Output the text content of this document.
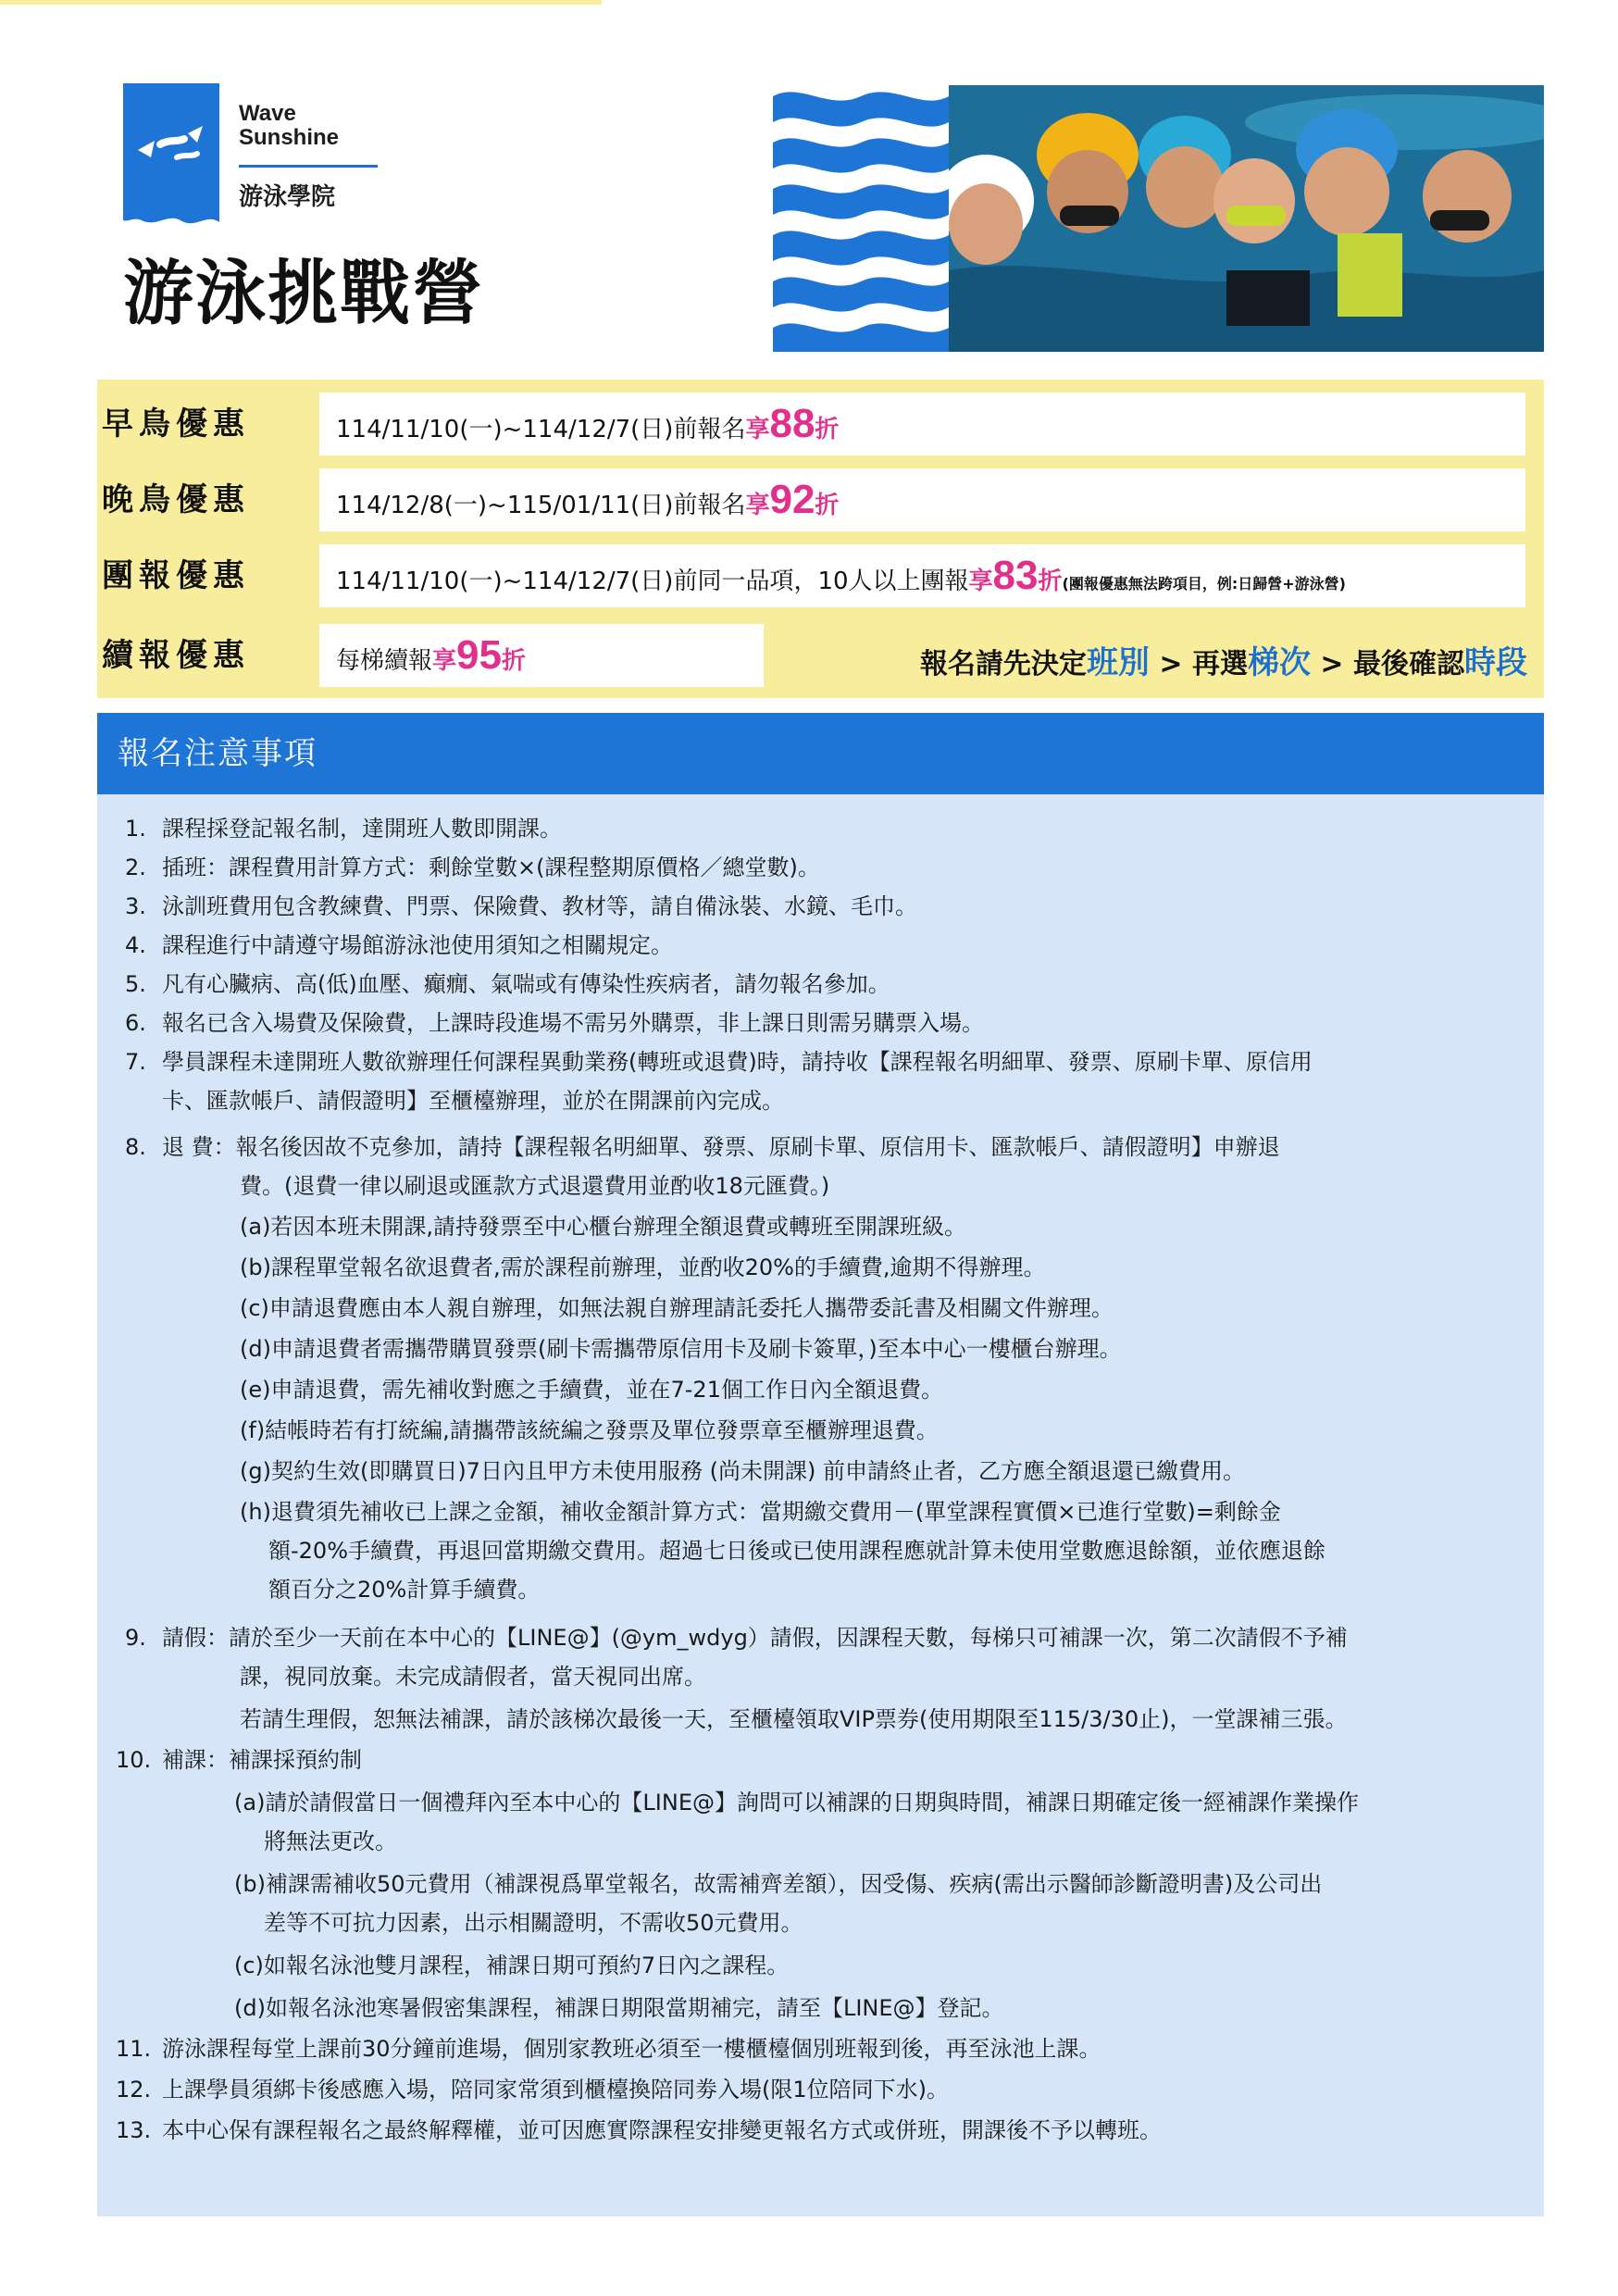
Wave
Sunshine
游泳學院
游泳挑戰營
早鳥優惠	114/11/10(一)~114/12/7(日)前報名享88折
晚鳥優惠	114/12/8(一)~115/01/11(日)前報名享92折
團報優惠	114/11/10(一)~114/12/7(日)前同一品項，10人以上團報享83折(團報優惠無法跨項目，例:日歸營+游泳營)
續報優惠	每梯續報享95折	報名請先決定班別 > 再選梯次 > 最後確認時段
報名注意事項
1. 課程採登記報名制，達開班人數即開課。
2. 插班：課程費用計算方式：剩餘堂數×(課程整期原價格／總堂數)。
3. 泳訓班費用包含教練費、門票、保險費、教材等，請自備泳裝、水鏡、毛巾。
4. 課程進行中請遵守場館游泳池使用須知之相關規定。
5. 凡有心臟病、高(低)血壓、癲癇、氣喘或有傳染性疾病者，請勿報名參加。
6. 報名已含入場費及保險費，上課時段進場不需另外購票，非上課日則需另購票入場。
7. 學員課程未達開班人數欲辦理任何課程異動業務(轉班或退費)時，請持收【課程報名明細單、發票、原刷卡單、原信用
卡、匯款帳戶、請假證明】至櫃檯辦理，並於在開課前內完成。
8. 退 費：報名後因故不克參加，請持【課程報名明細單、發票、原刷卡單、原信用卡、匯款帳戶、請假證明】申辦退
費。(退費一律以刷退或匯款方式退還費用並酌收18元匯費。)
(a)若因本班未開課,請持發票至中心櫃台辦理全額退費或轉班至開課班級。
(b)課程單堂報名欲退費者,需於課程前辦理，並酌收20%的手續費,逾期不得辦理。
(c)申請退費應由本人親自辦理，如無法親自辦理請託委托人攜帶委託書及相關文件辦理。
(d)申請退費者需攜帶購買發票(刷卡需攜帶原信用卡及刷卡簽單，)至本中心一樓櫃台辦理。
(e)申請退費，需先補收對應之手續費，並在7-21個工作日內全額退費。
(f)結帳時若有打統編,請攜帶該統編之發票及單位發票章至櫃辦理退費。
(g)契約生效(即購買日)7日內且甲方未使用服務 (尚未開課) 前申請終止者，乙方應全額退還已繳費用。
(h)退費須先補收已上課之金額，補收金額計算方式：當期繳交費用－(單堂課程實價×已進行堂數)=剩餘金
額-20%手續費，再退回當期繳交費用。超過七日後或已使用課程應就計算未使用堂數應退餘額，並依應退餘
額百分之20%計算手續費。
9. 請假：請於至少一天前在本中心的【LINE@】(@ym_wdyg）請假，因課程天數，每梯只可補課一次，第二次請假不予補
課，視同放棄。未完成請假者，當天視同出席。
若請生理假，恕無法補課，請於該梯次最後一天，至櫃檯領取VIP票券(使用期限至115/3/30止)，一堂課補三張。
10. 補課：補課採預約制
(a)請於請假當日一個禮拜內至本中心的【LINE@】詢問可以補課的日期與時間，補課日期確定後一經補課作業操作
將無法更改。
(b)補課需補收50元費用（補課視爲單堂報名，故需補齊差額），因受傷、疾病(需出示醫師診斷證明書)及公司出
差等不可抗力因素，出示相關證明，不需收50元費用。
(c)如報名泳池雙月課程，補課日期可預約7日內之課程。
(d)如報名泳池寒暑假密集課程，補課日期限當期補完，請至【LINE@】登記。
11. 游泳課程每堂上課前30分鐘前進場，個別家教班必須至一樓櫃檯個別班報到後，再至泳池上課。
12. 上課學員須綁卡後感應入場，陪同家常須到櫃檯換陪同劵入場(限1位陪同下水)。
13. 本中心保有課程報名之最終解釋權，並可因應實際課程安排變更報名方式或併班，開課後不予以轉班。
